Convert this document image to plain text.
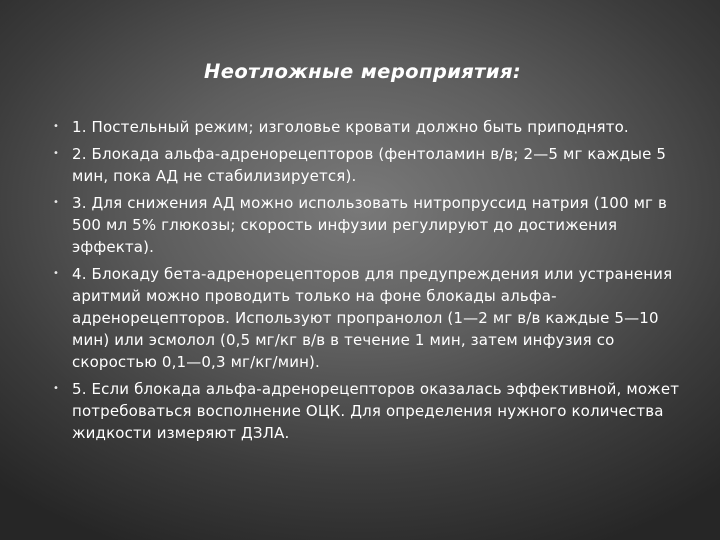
Неотложные мероприятия:
• 1. Постельный режим; изголовье кровати должно быть приподнято.
• 2. Блокада альфа-адренорецепторов (фентоламин в/в; 2—5 мг каждые 5 мин, пока АД не стабилизируется).
• 3. Для снижения АД можно использовать нитропруссид натрия (100 мг в 500 мл 5% глюкозы; скорость инфузии регулируют до достижения эффекта).
• 4. Блокаду бета-адренорецепторов для предупреждения или устранения аритмий можно проводить только на фоне блокады альфа-адренорецепторов. Используют пропранолол (1—2 мг в/в каждые 5—10 мин) или эсмолол (0,5 мг/кг в/в в течение 1 мин, затем инфузия со скоростью 0,1—0,3 мг/кг/мин).
• 5. Если блокада альфа-адренорецепторов оказалась эффективной, может потребоваться восполнение ОЦК. Для определения нужного количества жидкости измеряют ДЗЛА.
